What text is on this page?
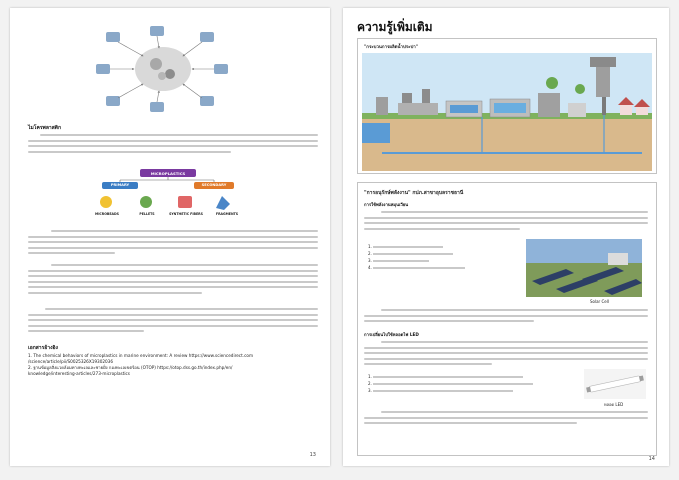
ไมโครพลาสติก
MICROPLASTICS
PRIMARY	SECONDARY
MICROBEADS	PELLETS	SYNTHETIC FIBERS	FRAGMENTS
เอกสารอ้างอิง
1. The chemical behaviors of microplastics in marine environment: A review https://www.sciencedirect.com
/science/article/pii/S0025326X19302036
2. ฐานข้อมูลสิ่งแวดล้อมทางทะเลและชายฝั่ง กองทะเลเขตร้อน (OTOP) https://otop.dss.go.th/index.php/en/
knowledge/interesting-articles/273-microplastics
13
ความรู้เพิ่มเติม
"กระบวนการผลิตน้ำประปา"
"การอนุรักษ์พลังงาน" กปภ.สาขาอุบลราชธานี
การใช้พลังงานหมุนเวียน
1.
2.
3.
4.
Solar Cell
การเปลี่ยนไปใช้หลอดไฟ LED
1.
2.
3.
หลอด LED
14
